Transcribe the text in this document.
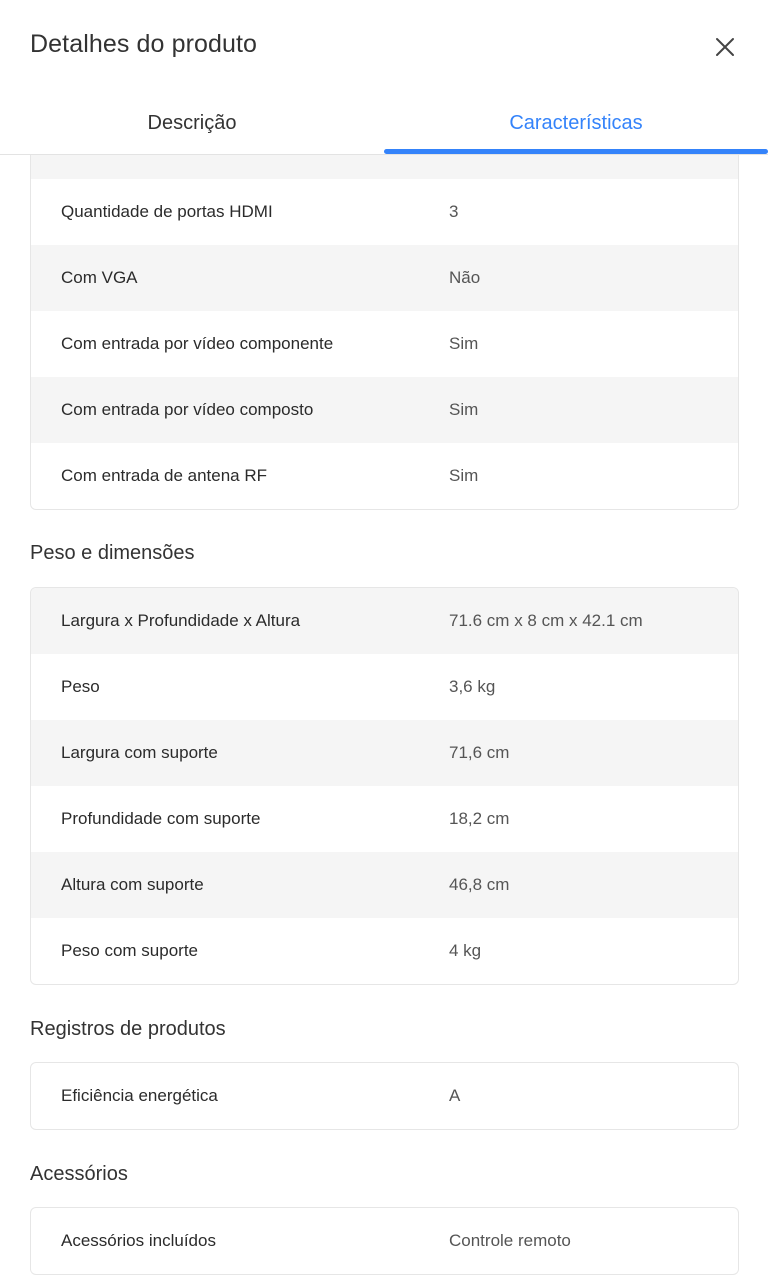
Detalhes do produto
Descrição	Características
Quantidade de portas HDMI	3
Com VGA	Não
Com entrada por vídeo componente	Sim
Com entrada por vídeo composto	Sim
Com entrada de antena RF	Sim
Peso e dimensões
Largura x Profundidade x Altura	71.6 cm x 8 cm x 42.1 cm
Peso	3,6 kg
Largura com suporte	71,6 cm
Profundidade com suporte	18,2 cm
Altura com suporte	46,8 cm
Peso com suporte	4 kg
Registros de produtos
Eficiência energética	A
Acessórios
Acessórios incluídos	Controle remoto
